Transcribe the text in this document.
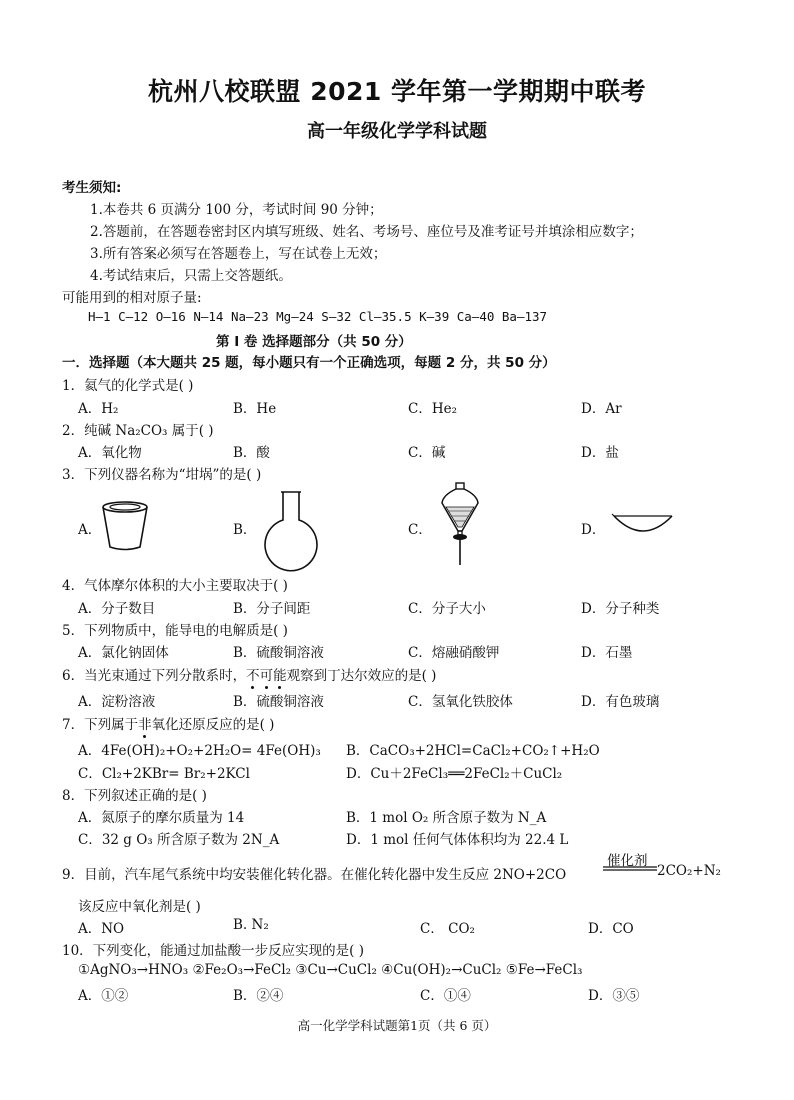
杭州八校联盟 2021 学年第一学期期中联考
高一年级化学学科试题
考生须知:
1.本卷共 6 页满分 100 分，考试时间 90 分钟；
2.答题前，在答题卷密封区内填写班级、姓名、考场号、座位号及准考证号并填涂相应数字；
3.所有答案必须写在答题卷上，写在试卷上无效；
4.考试结束后，只需上交答题纸。
可能用到的相对原子量:
H—1 C—12 O—16 N—14 Na—23 Mg—24 S—32 Cl—35.5 K—39 Ca—40 Ba—137
第 I 卷 选择题部分（共 50 分）
一．选择题（本大题共 25 题，每小题只有一个正确选项，每题 2 分，共 50 分）
1．氦气的化学式是( )
A．H₂	B．He	C．He₂	D．Ar
2．纯碱 Na₂CO₃ 属于( )
A．氧化物	B．酸	C．碱	D．盐
3．下列仪器名称为“坩埚”的是( )
A．	B．	C．	D．
4．气体摩尔体积的大小主要取决于( )
A．分子数目	B．分子间距	C．分子大小	D．分子种类
5．下列物质中，能导电的电解质是( )
A．氯化钠固体	B．硫酸铜溶液	C．熔融硝酸钾	D．石墨
6．当光束通过下列分散系时，不可能观察到丁达尔效应的是( )
A．淀粉溶液	B．硫酸铜溶液	C．氢氧化铁胶体	D．有色玻璃
7．下列属于非氧化还原反应的是( )
A．4Fe(OH)₂+O₂+2H₂O= 4Fe(OH)₃ B．CaCO₃+2HCl=CaCl₂+CO₂↑+H₂O
C．Cl₂+2KBr= Br₂+2KCl	D．Cu＋2FeCl₃══2FeCl₂＋CuCl₂
8．下列叙述正确的是( )
A．氮原子的摩尔质量为 14	B．1 mol O₂ 所含原子数为 N_A
C．32 g O₃ 所含原子数为 2N_A	D．1 mol 任何气体体积均为 22.4 L
9．目前，汽车尾气系统中均安装催化转化器。在催化转化器中发生反应 2NO+2CO
催化剂
2CO₂+N₂
该反应中氧化剂是( )
A．NO	B. N₂	C． CO₂	D．CO
10．下列变化，能通过加盐酸一步反应实现的是( )
①AgNO₃→HNO₃ ②Fe₂O₃→FeCl₂ ③Cu→CuCl₂ ④Cu(OH)₂→CuCl₂ ⑤Fe→FeCl₃
A．①②	B．②④	C．①④	D．③⑤
高一化学学科试题第1页（共 6 页）
